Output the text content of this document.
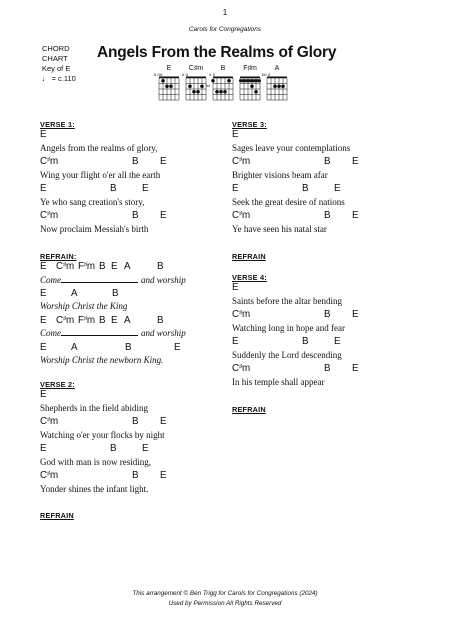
1
Carols for Congregations
CHORD
CHART
Key of E
♩ = c.110
Angels From the Realms of Glory
E
o oo
C♯m
x o
B
x x
F♯m	A
xo o
fr4
VERSE 1:
E
Angels from the realms of glory,
C♯m	B E
Wing your flight o'er all the earth
E	B	E
Ye who sang creation's story,
C♯m	B E
Now proclaim Messiah's birth
REFRAIN:
E C♯m F♯m B E A	B
Come	and worship
E A	B
Worship Christ the King
E C♯m F♯m B E A	B
Come	and worship
E A	B	E
Worship Christ the newborn King.
VERSE 2:
E
Shepherds in the field abiding
C♯m	B E
Watching o'er your flocks by night
E	B	E
God with man is now residing,
C♯m	B E
Yonder shines the infant light.
REFRAIN
VERSE 3:
E
Sages leave your contemplations
C♯m	B E
Brighter visions beam afar
E	B	E
Seek the great desire of nations
C♯m	B E
Ye have seen his natal star
REFRAIN
VERSE 4:
E
Saints before the altar bending
C♯m	B E
Watching long in hope and fear
E	B	E
Suddenly the Lord descending
C♯m	B E
In his temple shall appear
REFRAIN
This arrangement © Ben Trigg for Carols for Congregations (2024)
Used by Permission All Rights Reserved
